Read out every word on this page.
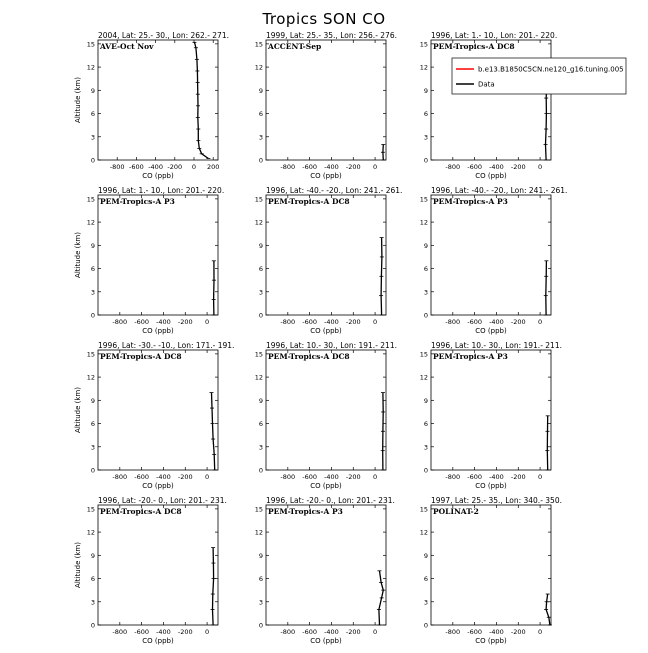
Tropics SON CO
2004, Lat: 25.- 30., Lon: 262.- 271.
AVE-Oct Nov
-800 -600 -400 -200 0 200
0
3
6
9
12
15
CO (ppb)
Altitude (km)
1999, Lat: 25.- 35., Lon: 256.- 276.
ACCENT-Sep
-800 -600 -400 -200 0
0
3
6
9
12
15
CO (ppb)
1996, Lat: 1.- 10., Lon: 201.- 220.
PEM-Tropics-A DC8
-800 -600 -400 -200 0
0
3
6
9
12
15
CO (ppb)
1996, Lat: 1.- 10., Lon: 201.- 220.
PEM-Tropics-A P3
-800 -600 -400 -200 0
0
3
6
9
12
15
CO (ppb)
Altitude (km)
1996, Lat: -40.- -20., Lon: 241.- 261.
PEM-Tropics-A DC8
-800 -600 -400 -200 0
0
3
6
9
12
15
CO (ppb)
1996, Lat: -40.- -20., Lon: 241.- 261.
PEM-Tropics-A P3
-800 -600 -400 -200 0
0
3
6
9
12
15
CO (ppb)
1996, Lat: -30.- -10., Lon: 171.- 191.
PEM-Tropics-A DC8
-800 -600 -400 -200 0
0
3
6
9
12
15
CO (ppb)
Altitude (km)
1996, Lat: 10.- 30., Lon: 191.- 211.
PEM-Tropics-A DC8
-800 -600 -400 -200 0
0
3
6
9
12
15
CO (ppb)
1996, Lat: 10.- 30., Lon: 191.- 211.
PEM-Tropics-A P3
-800 -600 -400 -200 0
0
3
6
9
12
15
CO (ppb)
1996, Lat: -20.- 0., Lon: 201.- 231.
PEM-Tropics-A DC8
-800 -600 -400 -200 0
0
3
6
9
12
15
CO (ppb)
Altitude (km)
1996, Lat: -20.- 0., Lon: 201.- 231.
PEM-Tropics-A P3
-800 -600 -400 -200 0
0
3
6
9
12
15
CO (ppb)
1997, Lat: 25.- 35., Lon: 340.- 350.
POLINAT-2
-800 -600 -400 -200 0
0
3
6
9
12
15
CO (ppb)
b.e13.B1850C5CN.ne120_g16.tuning.005
Data
